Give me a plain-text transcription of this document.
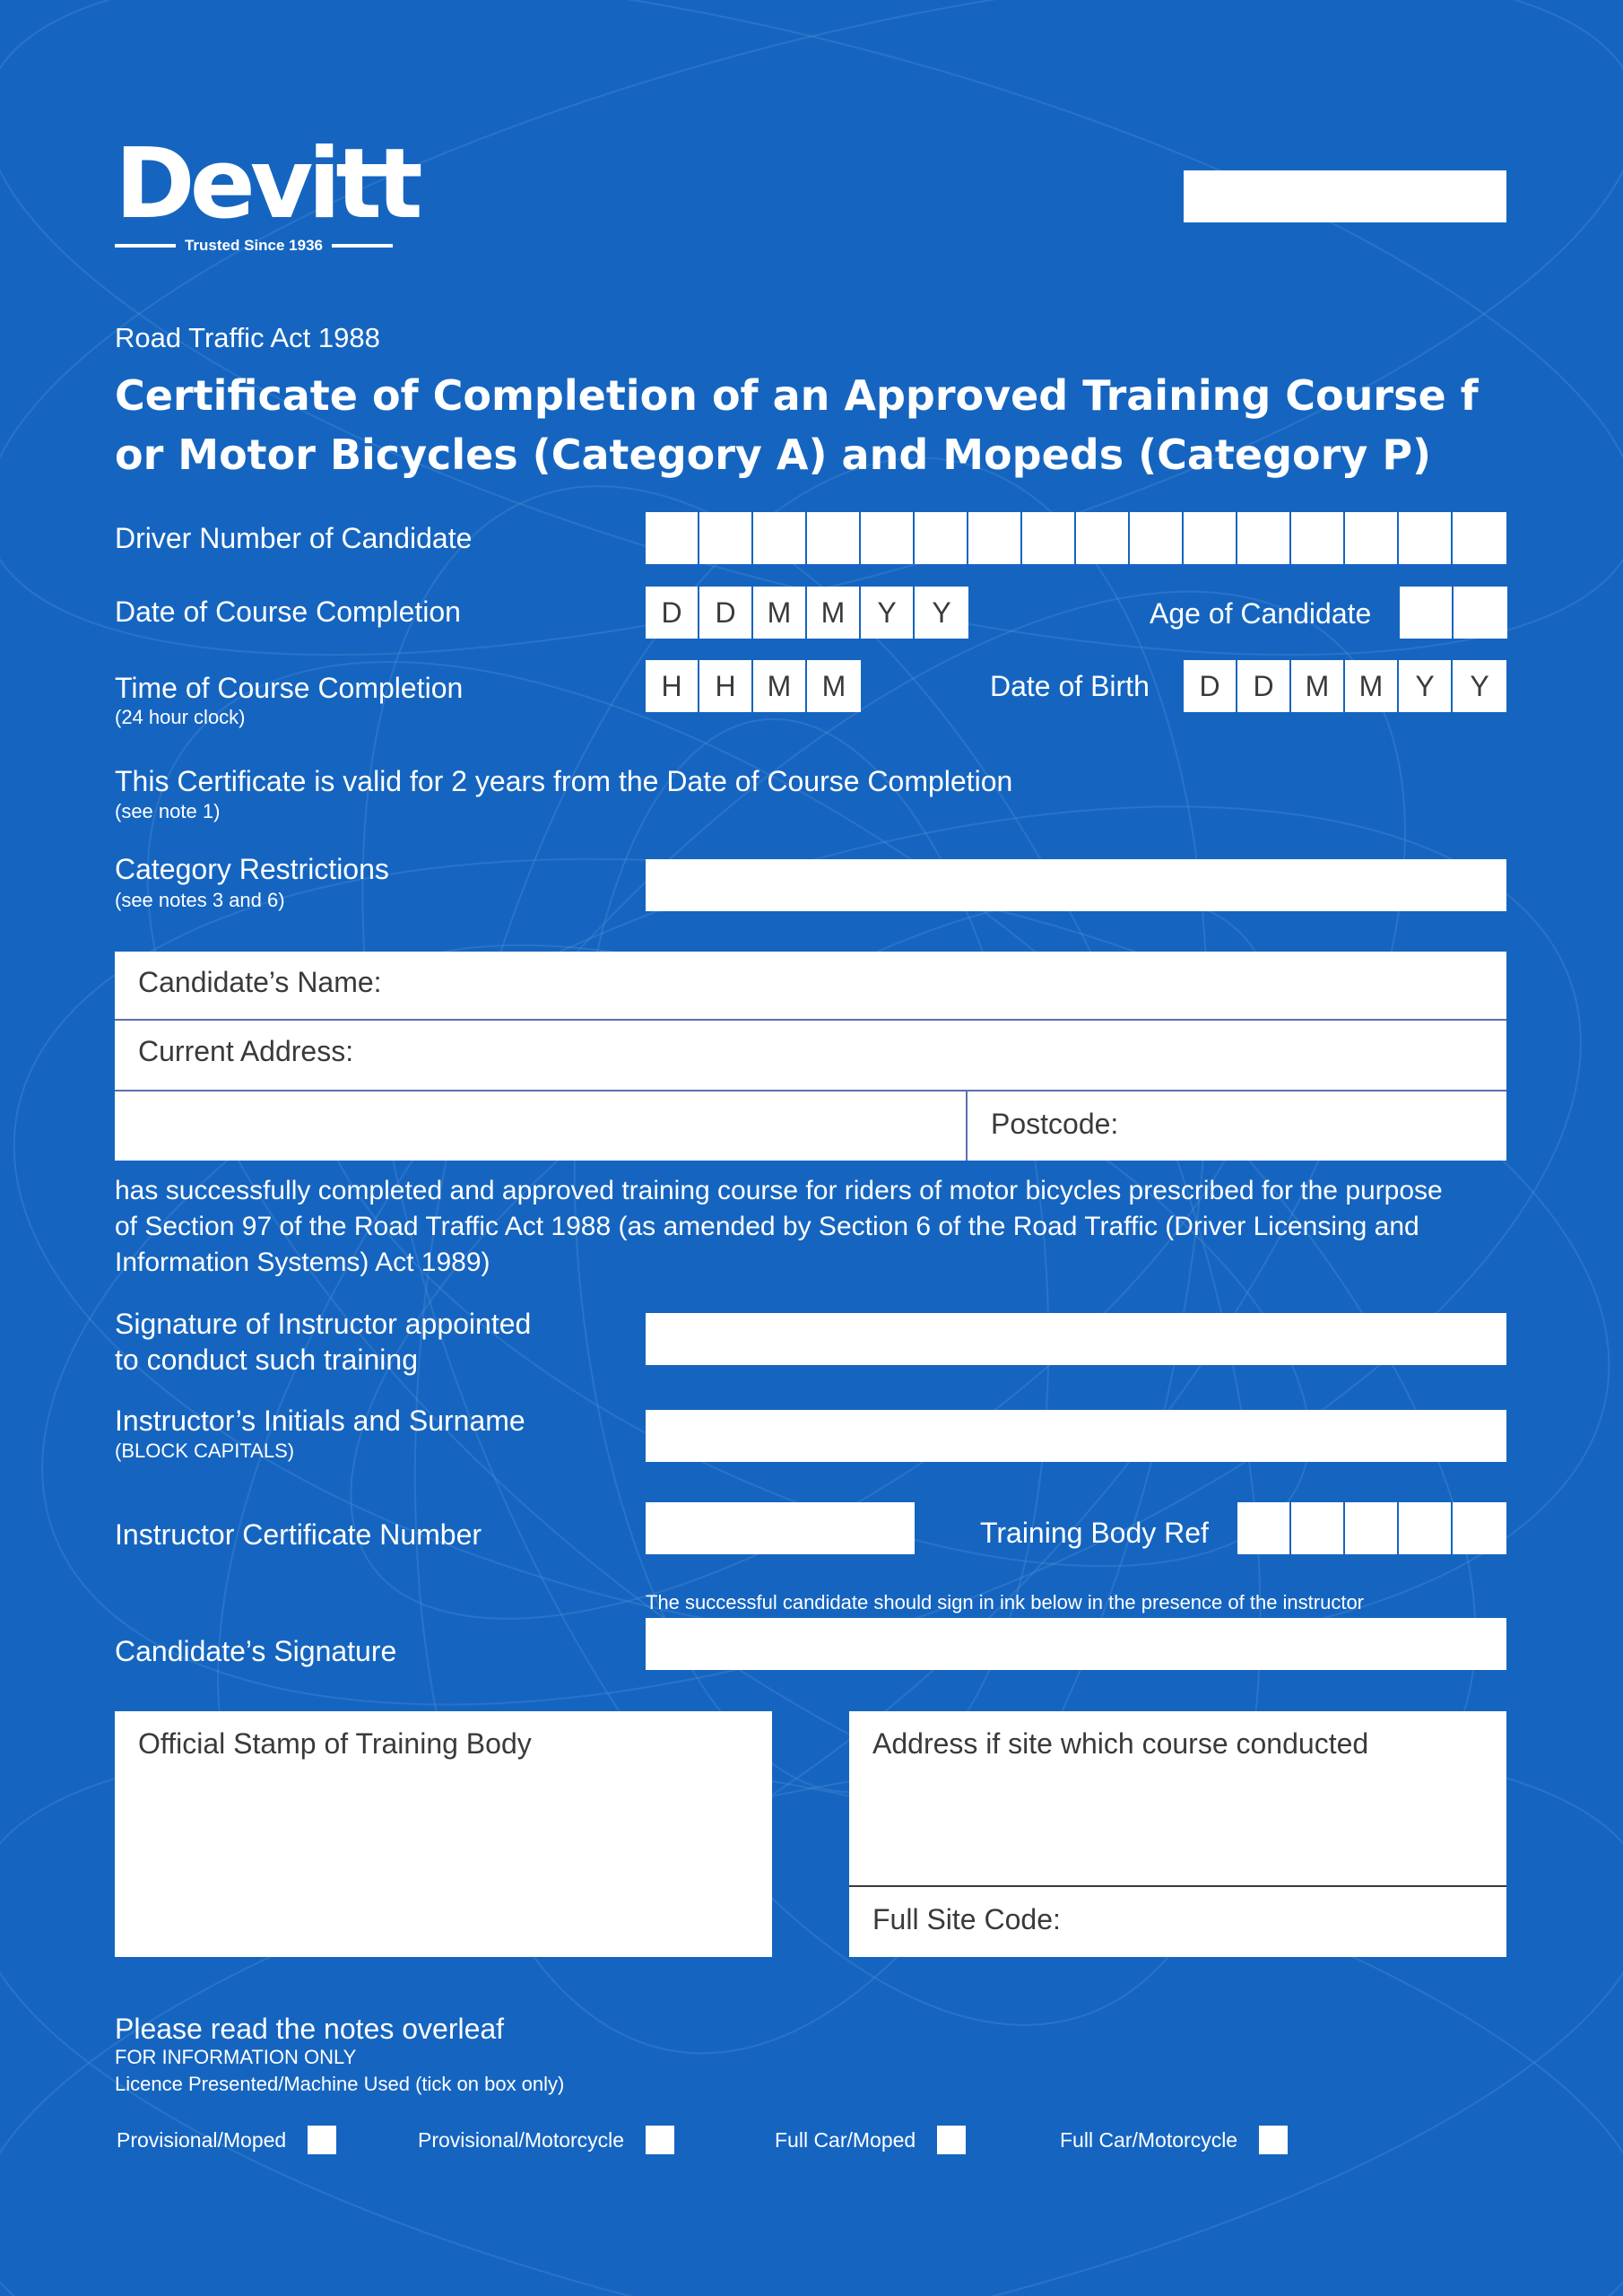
Devitt
Trusted Since 1936
Road Traffic Act 1988
Certificate of Completion of an Approved Training Course f
or Motor Bicycles (Category A) and Mopeds (Category P)
Driver Number of Candidate
Date of Course Completion	D	D	M	M	Y	Y	Age of Candidate
Time of Course Completion
(24 hour clock)
H	H	M	M	Date of Birth	D	D	M	M	Y	Y
This Certificate is valid for 2 years from the Date of Course Completion
(see note 1)
Category Restrictions
(see notes 3 and 6)
Candidate’s Name:
Current Address:
Postcode:
has successfully completed and approved training course for riders of motor bicycles prescribed for the purpose
of Section 97 of the Road Traffic Act 1988 (as amended by Section 6 of the Road Traffic (Driver Licensing and
Information Systems) Act 1989)
Signature of Instructor appointed
to conduct such training
Instructor’s Initials and Surname
(BLOCK CAPITALS)
Instructor Certificate Number	Training Body Ref
The successful candidate should sign in ink below in the presence of the instructor
Candidate’s Signature
Official Stamp of Training Body	Address if site which course conducted
Full Site Code:
Please read the notes overleaf
FOR INFORMATION ONLY
Licence Presented/Machine Used (tick on box only)
Provisional/Moped	Provisional/Motorcycle	Full Car/Moped	Full Car/Motorcycle
